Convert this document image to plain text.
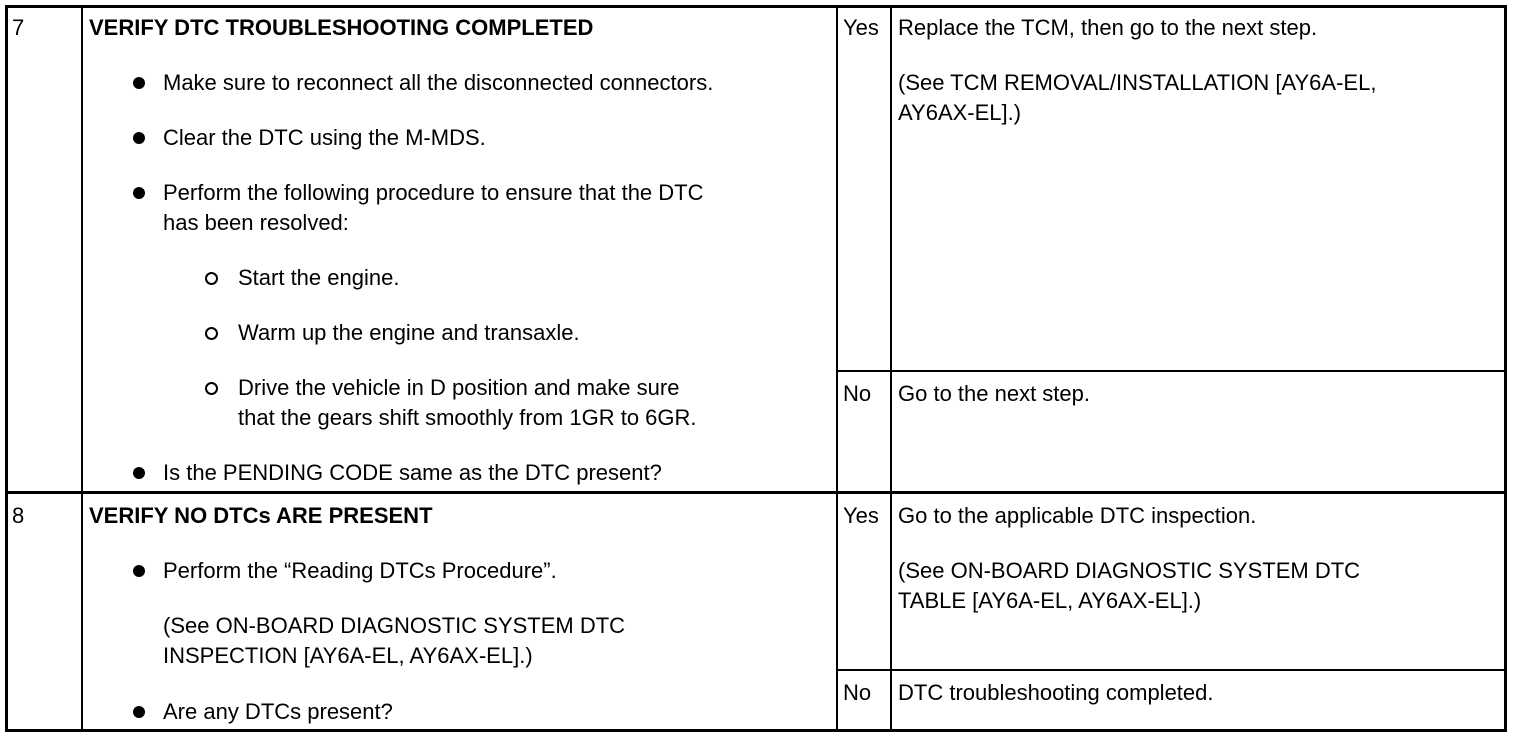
7	VERIFY DTC TROUBLESHOOTING COMPLETED
Make sure to reconnect all the disconnected connectors.
Clear the DTC using the M-MDS.
Perform the following procedure to ensure that the DTC
has been resolved:
Start the engine.
Warm up the engine and transaxle.
Drive the vehicle in D position and make sure
that the gears shift smoothly from 1GR to 6GR.
Is the PENDING CODE same as the DTC present?
Yes Replace the TCM, then go to the next step.
(See TCM REMOVAL/INSTALLATION [AY6A-EL,
AY6AX-EL].)
No Go to the next step.
8	VERIFY NO DTCs ARE PRESENT
Perform the “Reading DTCs Procedure”.
(See ON-BOARD DIAGNOSTIC SYSTEM DTC
INSPECTION [AY6A-EL, AY6AX-EL].)
Are any DTCs present?
Yes Go to the applicable DTC inspection.
(See ON-BOARD DIAGNOSTIC SYSTEM DTC
TABLE [AY6A-EL, AY6AX-EL].)
No DTC troubleshooting completed.
